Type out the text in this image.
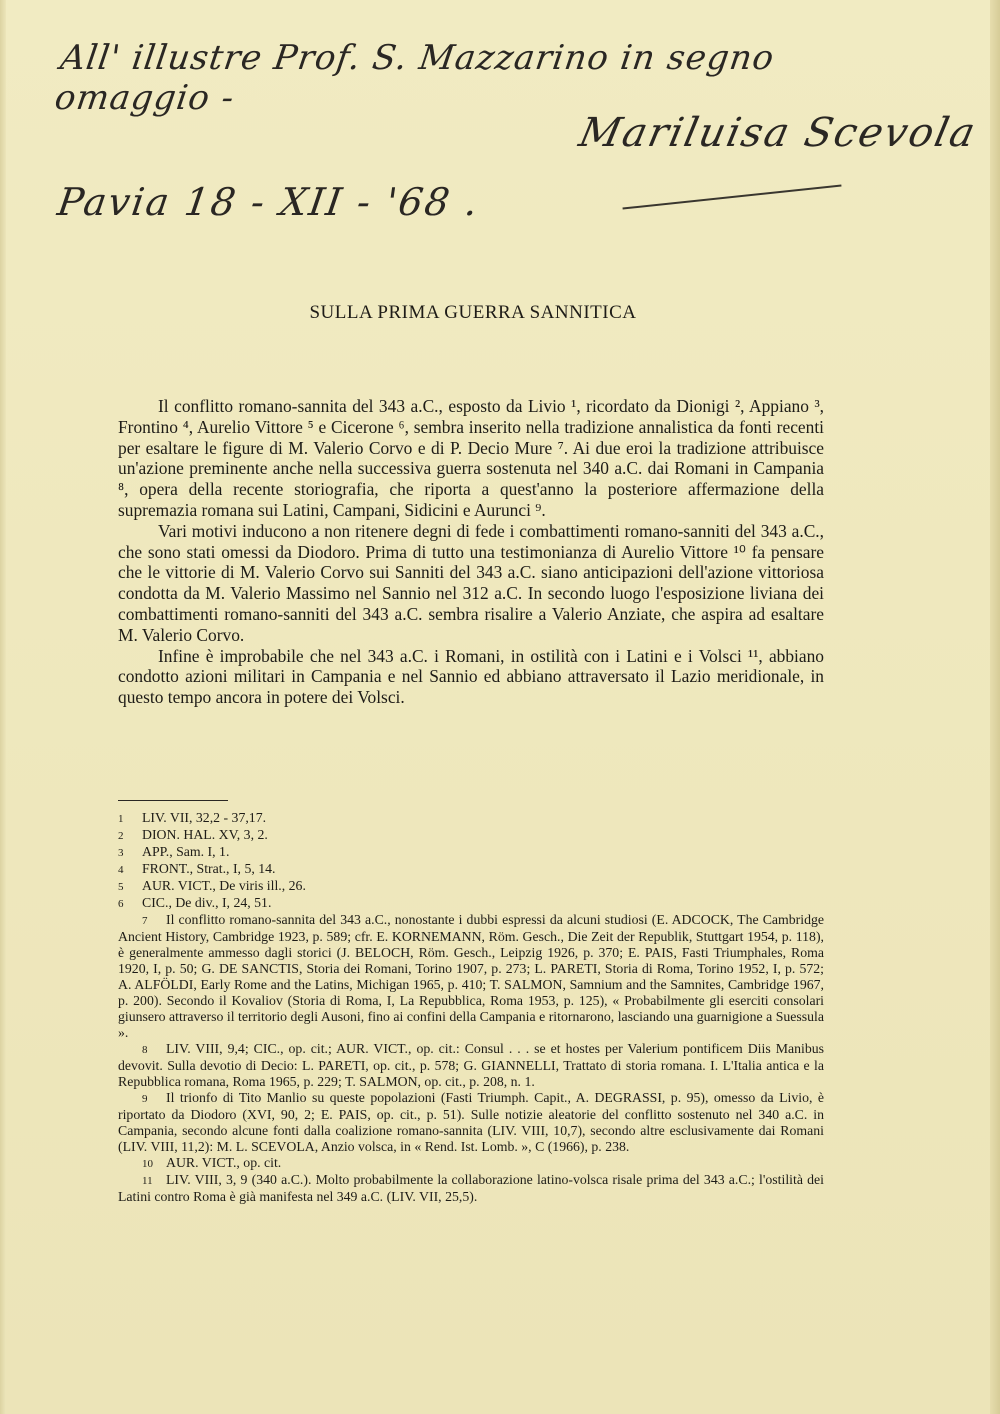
All' illustre Prof. S. Mazzarino in segno omaggio -
Mariluisa Scevola
Pavia 18 - XII - '68 .
SULLA PRIMA GUERRA SANNITICA

Il conflitto romano-sannita del 343 a.C., esposto da Livio ¹, ricordato da Dionigi ², Appiano ³, Frontino ⁴, Aurelio Vittore ⁵ e Cicerone ⁶, sembra inserito nella tradizione annalistica da fonti recenti per esaltare le figure di M. Valerio Corvo e di P. Decio Mure ⁷. Ai due eroi la tradizione attribuisce un'azione preminente anche nella successiva guerra sostenuta nel 340 a.C. dai Romani in Campania ⁸, opera della recente storiografia, che riporta a quest'anno la posteriore affermazione della supremazia romana sui Latini, Campani, Sidicini e Aurunci ⁹.

Vari motivi inducono a non ritenere degni di fede i combattimenti romano-sanniti del 343 a.C., che sono stati omessi da Diodoro. Prima di tutto una testimonianza di Aurelio Vittore ¹⁰ fa pensare che le vittorie di M. Valerio Corvo sui Sanniti del 343 a.C. siano anticipazioni dell'azione vittoriosa condotta da M. Valerio Massimo nel Sannio nel 312 a.C. In secondo luogo l'esposizione liviana dei combattimenti romano-sanniti del 343 a.C. sembra risalire a Valerio Anziate, che aspira ad esaltare M. Valerio Corvo.

Infine è improbabile che nel 343 a.C. i Romani, in ostilità con i Latini e i Volsci ¹¹, abbiano condotto azioni militari in Campania e nel Sannio ed abbiano attraversato il Lazio meridionale, in questo tempo ancora in potere dei Volsci.

1 LIV. VII, 32,2 - 37,17.

2 DION. HAL. XV, 3, 2.

3 APP., Sam. I, 1.

4 FRONT., Strat., I, 5, 14.

5 AUR. VICT., De viris ill., 26.

6 CIC., De div., I, 24, 51.

7 Il conflitto romano-sannita del 343 a.C., nonostante i dubbi espressi da alcuni studiosi (E. ADCOCK, The Cambridge Ancient History, Cambridge 1923, p. 589; cfr. E. KORNEMANN, Röm. Gesch., Die Zeit der Republik, Stuttgart 1954, p. 118), è generalmente ammesso dagli storici (J. BELOCH, Röm. Gesch., Leipzig 1926, p. 370; E. PAIS, Fasti Triumphales, Roma 1920, I, p. 50; G. DE SANCTIS, Storia dei Romani, Torino 1907, p. 273; L. PARETI, Storia di Roma, Torino 1952, I, p. 572; A. ALFÖLDI, Early Rome and the Latins, Michigan 1965, p. 410; T. SALMON, Samnium and the Samnites, Cambridge 1967, p. 200). Secondo il Kovaliov (Storia di Roma, I, La Repubblica, Roma 1953, p. 125), « Probabilmente gli eserciti consolari giunsero attraverso il territorio degli Ausoni, fino ai confini della Campania e ritornarono, lasciando una guarnigione a Suessula ».

8 LIV. VIII, 9,4; CIC., op. cit.; AUR. VICT., op. cit.: Consul . . . se et hostes per Valerium pontificem Diis Manibus devovit. Sulla devotio di Decio: L. PARETI, op. cit., p. 578; G. GIANNELLI, Trattato di storia romana. I. L'Italia antica e la Repubblica romana, Roma 1965, p. 229; T. SALMON, op. cit., p. 208, n. 1.

9 Il trionfo di Tito Manlio su queste popolazioni (Fasti Triumph. Capit., A. DEGRASSI, p. 95), omesso da Livio, è riportato da Diodoro (XVI, 90, 2; E. PAIS, op. cit., p. 51). Sulle notizie aleatorie del conflitto sostenuto nel 340 a.C. in Campania, secondo alcune fonti dalla coalizione romano-sannita (LIV. VIII, 10,7), secondo altre esclusivamente dai Romani (LIV. VIII, 11,2): M. L. SCEVOLA, Anzio volsca, in « Rend. Ist. Lomb. », C (1966), p. 238.

10 AUR. VICT., op. cit.

11 LIV. VIII, 3, 9 (340 a.C.). Molto probabilmente la collaborazione latino-volsca risale prima del 343 a.C.; l'ostilità dei Latini contro Roma è già manifesta nel 349 a.C. (LIV. VII, 25,5).
